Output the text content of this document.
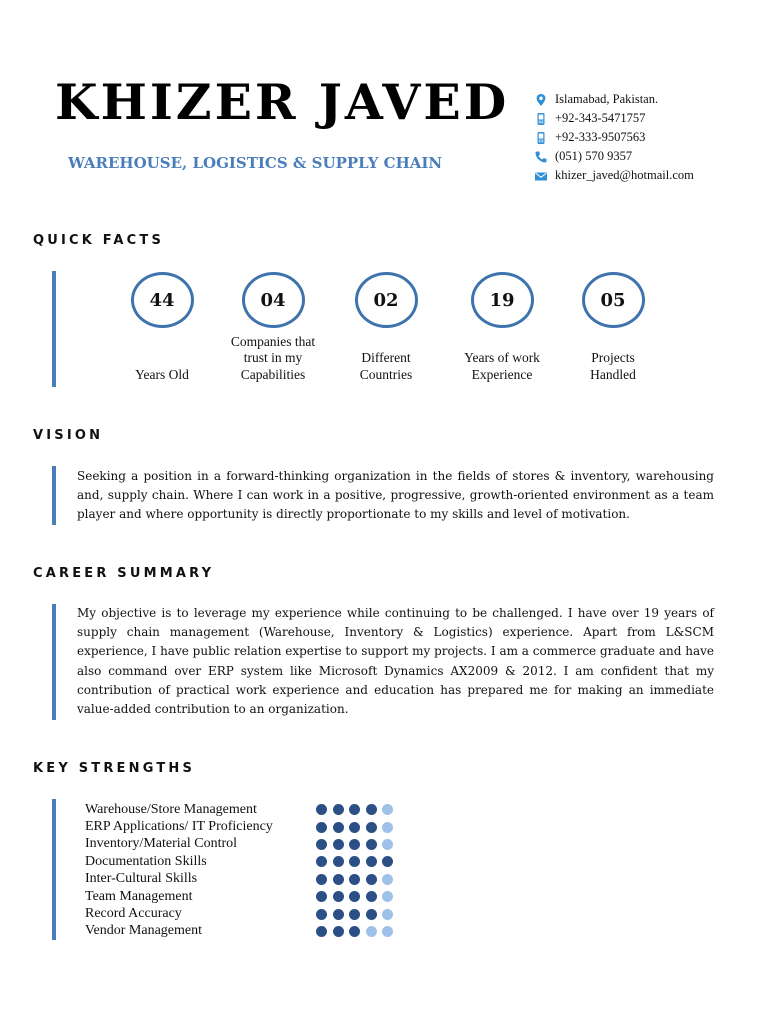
KHIZER JAVED
WAREHOUSE, LOGISTICS & SUPPLY CHAIN
Islamabad, Pakistan.
+92-343-5471757
+92-333-9507563
(051) 570 9357
khizer_javed@hotmail.com
QUICK FACTS
44
Years Old
04
Companies that trust in my Capabilities
02
Different Countries
19
Years of work Experience
05
Projects Handled
VISION

Seeking a position in a forward-thinking organization in the fields of stores & inventory, warehousing and, supply chain. Where I can work in a positive, progressive, growth-oriented environment as a team player and where opportunity is directly proportionate to my skills and level of motivation.

CAREER SUMMARY

My objective is to leverage my experience while continuing to be challenged. I have over 19 years of supply chain management (Warehouse, Inventory & Logistics) experience. Apart from L&SCM experience, I have public relation expertise to support my projects. I am a commerce graduate and have also command over ERP system like Microsoft Dynamics AX2009 & 2012. I am confident that my contribution of practical work experience and education has prepared me for making an immediate value-added contribution to an organization.

KEY STRENGTHS
Warehouse/Store Management
ERP Applications/ IT Proficiency
Inventory/Material Control
Documentation Skills
Inter-Cultural Skills
Team Management
Record Accuracy
Vendor Management
